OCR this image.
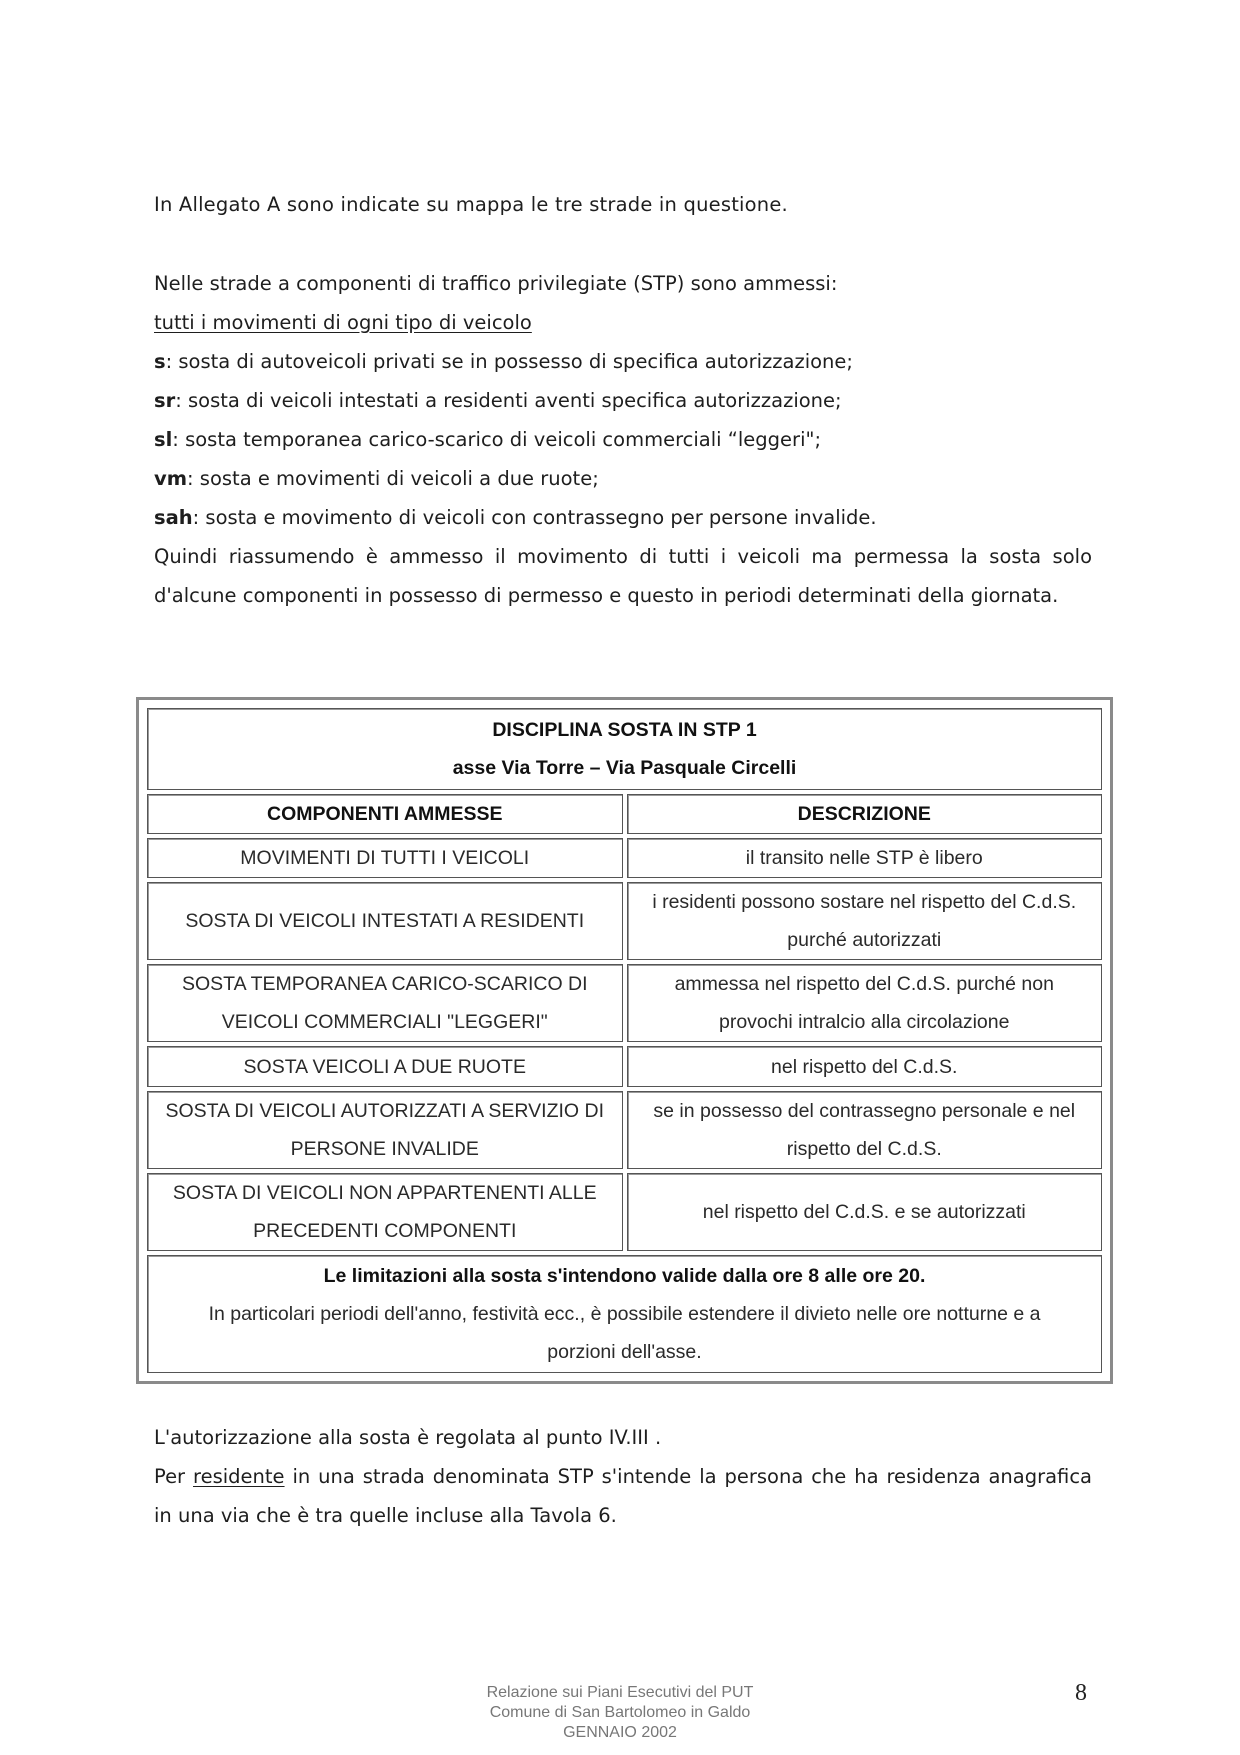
In Allegato A sono indicate su mappa le tre strade in questione.
Nelle strade a componenti di traffico privilegiate (STP) sono ammessi:
tutti i movimenti di ogni tipo di veicolo
s: sosta di autoveicoli privati se in possesso di specifica autorizzazione;
sr: sosta di veicoli intestati a residenti aventi specifica autorizzazione;
sl: sosta temporanea carico-scarico di veicoli commerciali “leggeri";
vm: sosta e movimenti di veicoli a due ruote;
sah: sosta e movimento di veicoli con contrassegno per persone invalide.
Quindi riassumendo è ammesso il movimento di tutti i veicoli ma permessa la sosta solo d'alcune componenti in possesso di permesso e questo in periodi determinati della giornata.
DISCIPLINA SOSTA IN STP 1
asse Via Torre – Via Pasquale Circelli	

COMPONENTI AMMESSE	DESCRIZIONE
MOVIMENTI DI TUTTI I VEICOLI	il transito nelle STP è libero
SOSTA DI VEICOLI INTESTATI A RESIDENTI	i residenti possono sostare nel rispetto del C.d.S. purché autorizzati
SOSTA TEMPORANEA CARICO-SCARICO DI VEICOLI COMMERCIALI "LEGGERI"	ammessa nel rispetto del C.d.S. purché non provochi intralcio alla circolazione
SOSTA VEICOLI A DUE RUOTE	nel rispetto del C.d.S.
SOSTA DI VEICOLI AUTORIZZATI A SERVIZIO DI PERSONE INVALIDE	se in possesso del contrassegno personale e nel rispetto del C.d.S.
SOSTA DI VEICOLI NON APPARTENENTI ALLE PRECEDENTI COMPONENTI	nel rispetto del C.d.S. e se autorizzati

Le limitazioni alla sosta s'intendono valide dalla ore 8 alle ore 20.
In particolari periodi dell'anno, festività ecc., è possibile estendere il divieto nelle ore notturne e a porzioni dell'asse.	
L'autorizzazione alla sosta è regolata al punto IV.III .
Per residente in una strada denominata STP s'intende la persona che ha residenza anagrafica in una via che è tra quelle incluse alla Tavola 6.
Relazione sui Piani Esecutivi del PUT
Comune di San Bartolomeo in Galdo
GENNAIO 2002
8
